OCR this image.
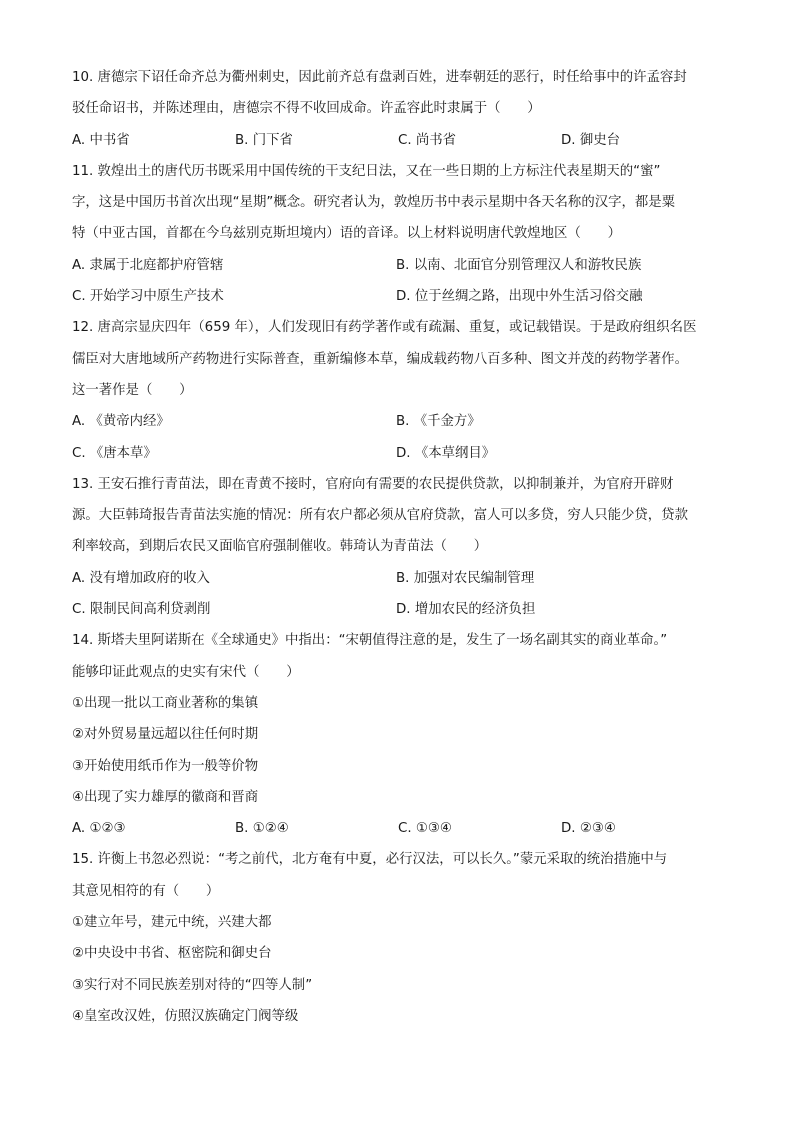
10. 唐德宗下诏任命齐总为衢州刺史，因此前齐总有盘剥百姓，进奉朝廷的恶行，时任给事中的许孟容封
驳任命诏书，并陈述理由，唐德宗不得不收回成命。许孟容此时隶属于（　　）
A. 中书省	B. 门下省	C. 尚书省	D. 御史台
11. 敦煌出土的唐代历书既采用中国传统的干支纪日法，又在一些日期的上方标注代表星期天的“蜜”
字，这是中国历书首次出现“星期”概念。研究者认为，敦煌历书中表示星期中各天名称的汉字，都是粟
特（中亚古国，首都在今乌兹别克斯坦境内）语的音译。以上材料说明唐代敦煌地区（　　）
A. 隶属于北庭都护府管辖	B. 以南、北面官分别管理汉人和游牧民族
C. 开始学习中原生产技术	D. 位于丝绸之路，出现中外生活习俗交融
12. 唐高宗显庆四年（659 年），人们发现旧有药学著作或有疏漏、重复，或记载错误。于是政府组织名医
儒臣对大唐地域所产药物进行实际普查，重新编修本草，编成载药物八百多种、图文并茂的药物学著作。
这一著作是（　　）
A. 《黄帝内经》	B. 《千金方》
C. 《唐本草》	D. 《本草纲目》
13. 王安石推行青苗法，即在青黄不接时，官府向有需要的农民提供贷款，以抑制兼并，为官府开辟财
源。大臣韩琦报告青苗法实施的情况：所有农户都必须从官府贷款，富人可以多贷，穷人只能少贷，贷款
利率较高，到期后农民又面临官府强制催收。韩琦认为青苗法（　　）
A. 没有增加政府的收入	B. 加强对农民编制管理
C. 限制民间高利贷剥削	D. 增加农民的经济负担
14. 斯塔夫里阿诺斯在《全球通史》中指出：“宋朝值得注意的是，发生了一场名副其实的商业革命。”
能够印证此观点的史实有宋代（　　）
①出现一批以工商业著称的集镇
②对外贸易量远超以往任何时期
③开始使用纸币作为一般等价物
④出现了实力雄厚的徽商和晋商
A. ①②③	B. ①②④	C. ①③④	D. ②③④
15. 许衡上书忽必烈说：“考之前代，北方奄有中夏，必行汉法，可以长久。”蒙元采取的统治措施中与
其意见相符的有（　　）
①建立年号，建元中统，兴建大都
②中央设中书省、枢密院和御史台
③实行对不同民族差别对待的“四等人制”
④皇室改汉姓，仿照汉族确定门阀等级
